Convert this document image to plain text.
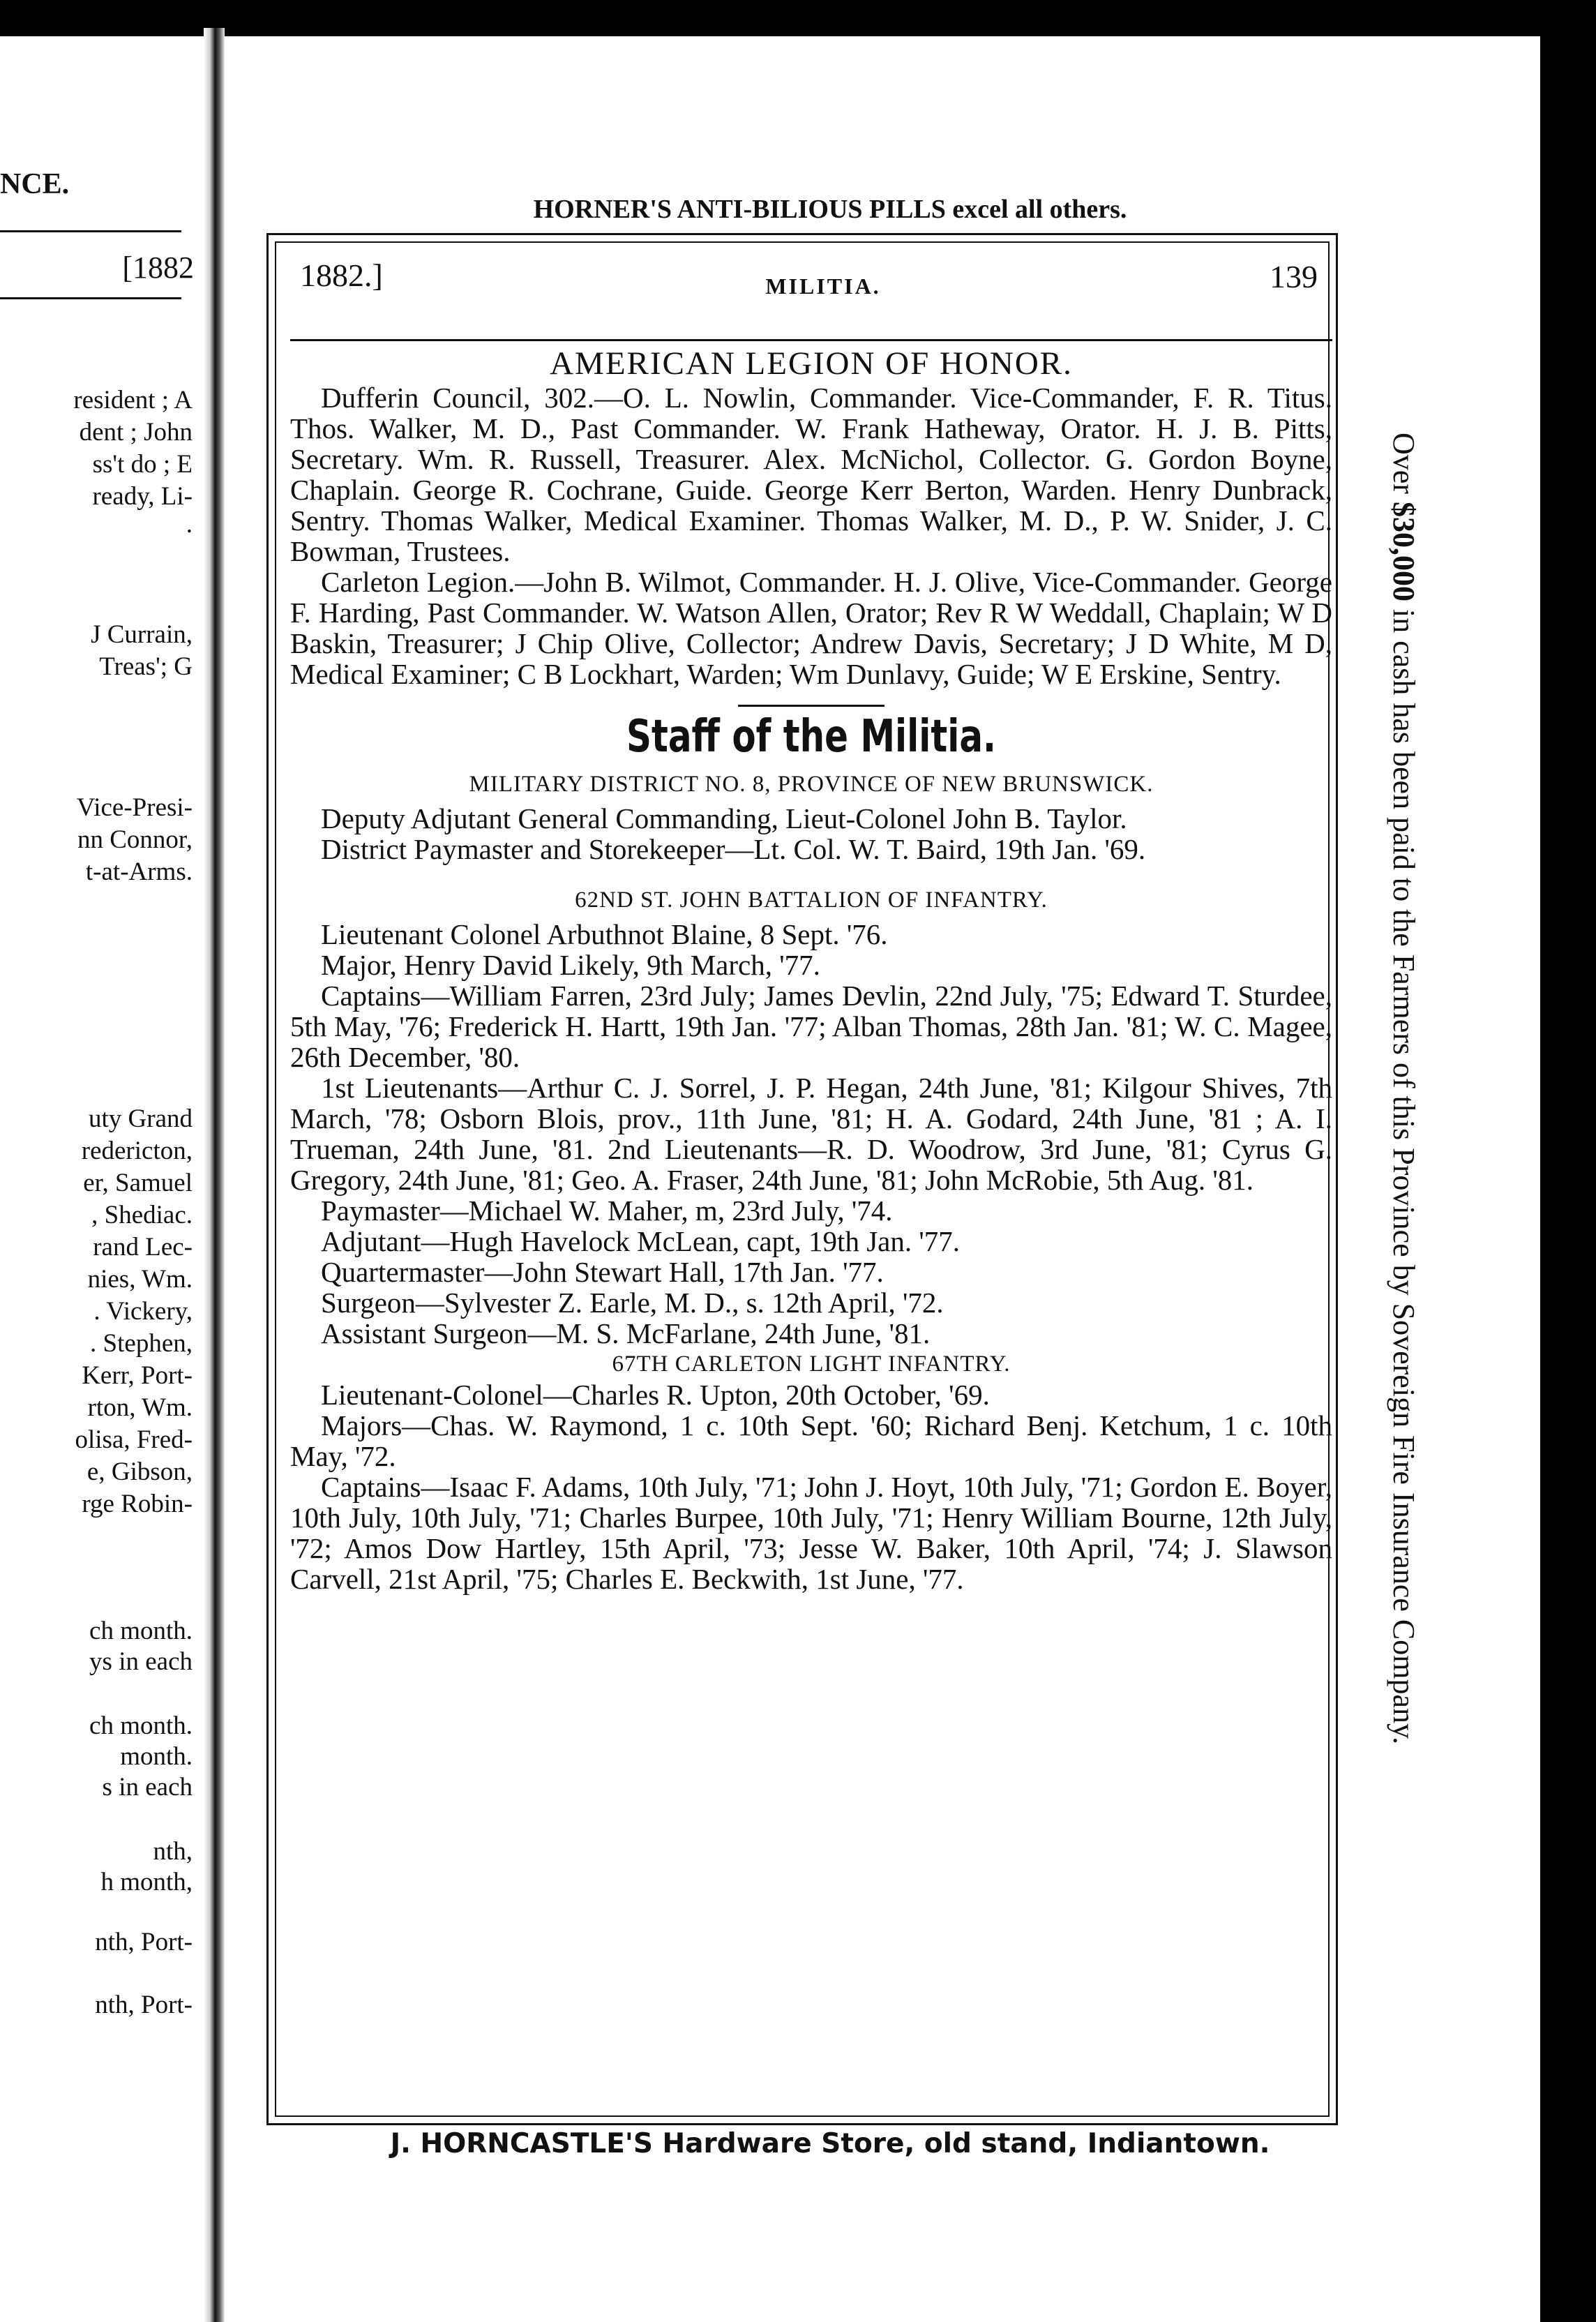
NCE.
[1882
resident ; A
dent ; John
ss't do ; E
ready, Li-
.
J Currain,
Treas'; G
Vice-Presi-
nn Connor,
t-at-Arms.
uty Grand
redericton,
er, Samuel
, Shediac.
rand Lec-
nies, Wm.
. Vickery,
. Stephen,
Kerr, Port-
rton, Wm.
olisa, Fred-
e, Gibson,
rge Robin-
ch month.
ys in each
ch month.
month.
s in each
nth,
h month,
nth, Port-
nth, Port-
HORNER'S ANTI-BILIOUS PILLS excel all others.
1882.]	MILITIA.	139

AMERICAN LEGION OF HONOR.

Dufferin Council, 302.—O. L. Nowlin, Commander. Vice-Commander, F. R. Titus. Thos. Walker, M. D., Past Commander. W. Frank Hatheway, Orator. H. J. B. Pitts, Secretary. Wm. R. Russell, Treasurer. Alex. McNichol, Collector. G. Gordon Boyne, Chaplain. George R. Cochrane, Guide. George Kerr Berton, Warden. Henry Dunbrack, Sentry. Thomas Walker, Medical Examiner. Thomas Walker, M. D., P. W. Snider, J. C. Bowman, Trustees.

Carleton Legion.—John B. Wilmot, Commander. H. J. Olive, Vice-Commander. George F. Harding, Past Commander. W. Watson Allen, Orator; Rev R W Weddall, Chaplain; W D Baskin, Treasurer; J Chip Olive, Collector; Andrew Davis, Secretary; J D White, M D, Medical Examiner; C B Lockhart, Warden; Wm Dunlavy, Guide; W E Erskine, Sentry.

Staff of the Militia.

MILITARY DISTRICT NO. 8, PROVINCE OF NEW BRUNSWICK.

Deputy Adjutant General Commanding, Lieut-Colonel John B. Taylor.

District Paymaster and Storekeeper—Lt. Col. W. T. Baird, 19th Jan. '69.

62ND ST. JOHN BATTALION OF INFANTRY.

Lieutenant Colonel Arbuthnot Blaine, 8 Sept. '76.

Major, Henry David Likely, 9th March, '77.

Captains—William Farren, 23rd July; James Devlin, 22nd July, '75; Edward T. Sturdee, 5th May, '76; Frederick H. Hartt, 19th Jan. '77; Alban Thomas, 28th Jan. '81; W. C. Magee, 26th December, '80.

1st Lieutenants—Arthur C. J. Sorrel, J. P. Hegan, 24th June, '81; Kilgour Shives, 7th March, '78; Osborn Blois, prov., 11th June, '81; H. A. Godard, 24th June, '81 ; A. I. Trueman, 24th June, '81. 2nd Lieutenants—R. D. Woodrow, 3rd June, '81; Cyrus G. Gregory, 24th June, '81; Geo. A. Fraser, 24th June, '81; John McRobie, 5th Aug. '81.

Paymaster—Michael W. Maher, m, 23rd July, '74.

Adjutant—Hugh Havelock McLean, capt, 19th Jan. '77.

Quartermaster—John Stewart Hall, 17th Jan. '77.

Surgeon—Sylvester Z. Earle, M. D., s. 12th April, '72.

Assistant Surgeon—M. S. McFarlane, 24th June, '81.

67TH CARLETON LIGHT INFANTRY.

Lieutenant-Colonel—Charles R. Upton, 20th October, '69.

Majors—Chas. W. Raymond, 1 c. 10th Sept. '60; Richard Benj. Ketchum, 1 c. 10th May, '72.

Captains—Isaac F. Adams, 10th July, '71; John J. Hoyt, 10th July, '71; Gordon E. Boyer, 10th July, 10th July, '71; Charles Burpee, 10th July, '71; Henry William Bourne, 12th July, '72; Amos Dow Hartley, 15th April, '73; Jesse W. Baker, 10th April, '74; J. Slawson Carvell, 21st April, '75; Charles E. Beckwith, 1st June, '77.

J. HORNCASTLE'S Hardware Store, old stand, Indiantown.
Over $30,000 in cash has been paid to the Farmers of this Province by Sovereign Fire Insurance Company.
